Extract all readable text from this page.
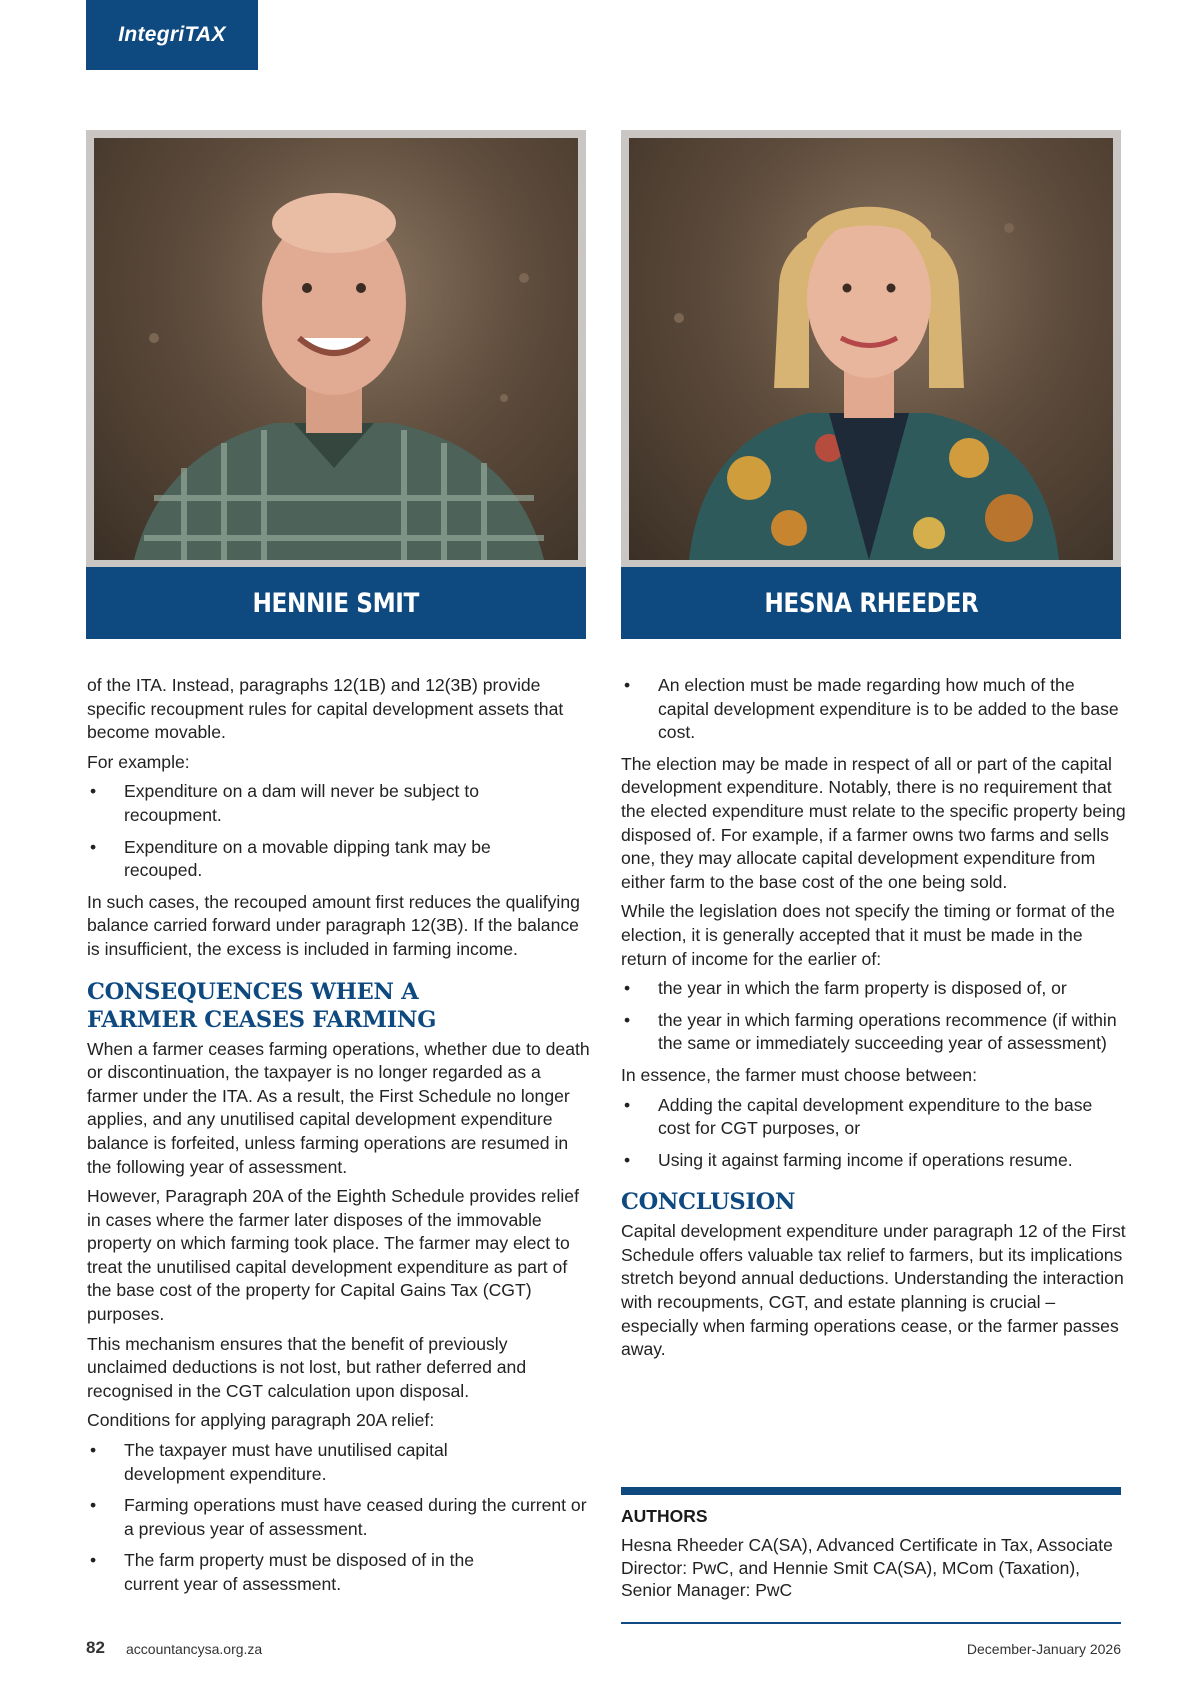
IntegriTAX
HENNIE SMIT	HESNA RHEEDER

of the ITA. Instead, paragraphs 12(1B) and 12(3B) provide specific recoupment rules for capital development assets that become movable.

For example:

• Expenditure on a dam will never be subject to recoupment.
• Expenditure on a movable dipping tank may be recouped.

In such cases, the recouped amount first reduces the qualifying balance carried forward under paragraph 12(3B). If the balance is insufficient, the excess is included in farming income.

CONSEQUENCES WHEN A FARMER CEASES FARMING

When a farmer ceases farming operations, whether due to death or discontinuation, the taxpayer is no longer regarded as a farmer under the ITA. As a result, the First Schedule no longer applies, and any unutilised capital development expenditure balance is forfeited, unless farming operations are resumed in the following year of assessment.

However, Paragraph 20A of the Eighth Schedule provides relief in cases where the farmer later disposes of the immovable property on which farming took place. The farmer may elect to treat the unutilised capital development expenditure as part of the base cost of the property for Capital Gains Tax (CGT) purposes.

This mechanism ensures that the benefit of previously unclaimed deductions is not lost, but rather deferred and recognised in the CGT calculation upon disposal.

Conditions for applying paragraph 20A relief:

• The taxpayer must have unutilised capital development expenditure.
• Farming operations must have ceased during the current or a previous year of assessment.
• The farm property must be disposed of in the current year of assessment.
• An election must be made regarding how much of the capital development expenditure is to be added to the base cost.

The election may be made in respect of all or part of the capital development expenditure. Notably, there is no requirement that the elected expenditure must relate to the specific property being disposed of. For example, if a farmer owns two farms and sells one, they may allocate capital development expenditure from either farm to the base cost of the one being sold.

While the legislation does not specify the timing or format of the election, it is generally accepted that it must be made in the return of income for the earlier of:

• the year in which the farm property is disposed of, or
• the year in which farming operations recommence (if within the same or immediately succeeding year of assessment)

In essence, the farmer must choose between:

• Adding the capital development expenditure to the base cost for CGT purposes, or
• Using it against farming income if operations resume.
CONCLUSION

Capital development expenditure under paragraph 12 of the First Schedule offers valuable tax relief to farmers, but its implications stretch beyond annual deductions. Understanding the interaction with recoupments, CGT, and estate planning is crucial – especially when farming operations cease, or the farmer passes away.

AUTHORS
Hesna Rheeder CA(SA), Advanced Certificate in Tax, Associate Director: PwC, and Hennie Smit CA(SA), MCom (Taxation), Senior Manager: PwC
82 accountancysa.org.za	December-January 2026
